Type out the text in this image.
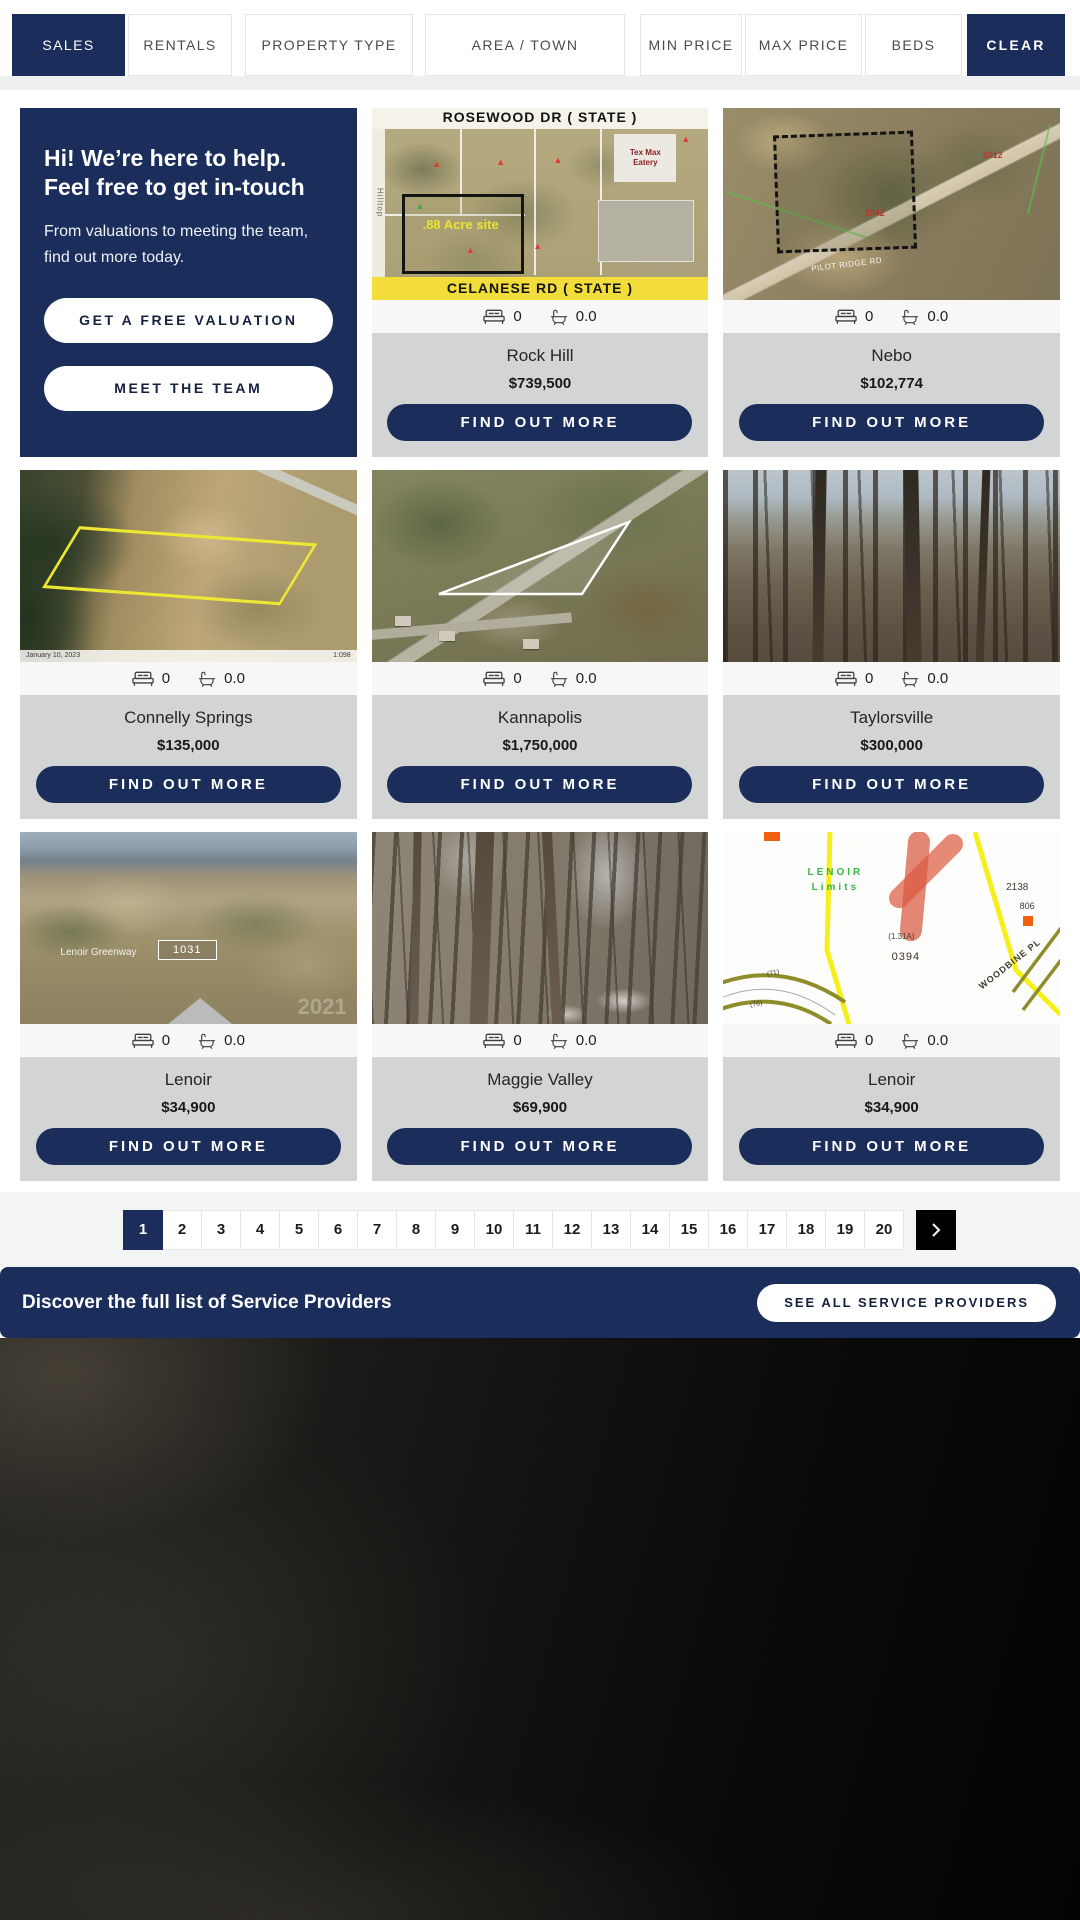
SALES	RENTALS	PROPERTY TYPE	AREA / TOWN	MIN PRICE	MAX PRICE	BEDS	CLEAR
Hi! We’re here to help. Feel free to get in-touch

From valuations to meeting the team, find out more today.

GET A FREE VALUATION
MEET THE TEAM
ROSEWOOD DR ( STATE )
Hilltop
Tex Max Eatery
.88 Acre site
▲	▲	▲
▲	▲
▲
▲
CELANESE RD ( STATE )
0	0.0
Rock Hill
$739,500
FIND OUT MORE
3012
3042
PILOT RIDGE RD
0	0.0
Nebo
$102,774
FIND OUT MORE
January 10, 2023	1:098
0	0.0
Connelly Springs
$135,000
FIND OUT MORE
0	0.0
Kannapolis
$1,750,000
FIND OUT MORE
0	0.0
Taylorsville
$300,000
FIND OUT MORE
Lenoir Greenway	1031
2021
0	0.0
Lenoir
$34,900
FIND OUT MORE
0	0.0
Maggie Valley
$69,900
FIND OUT MORE
LENOIR
Limits
(1.31A)
0394
2138
806
WOODBINE PL
(71)
(76)
0	0.0
Lenoir
$34,900
FIND OUT MORE
1	2	3	4	5	6	7	8	9	10	11	12	13	14	15	16	17	18	19	20
Discover the full list of Service Providers	SEE ALL SERVICE PROVIDERS
